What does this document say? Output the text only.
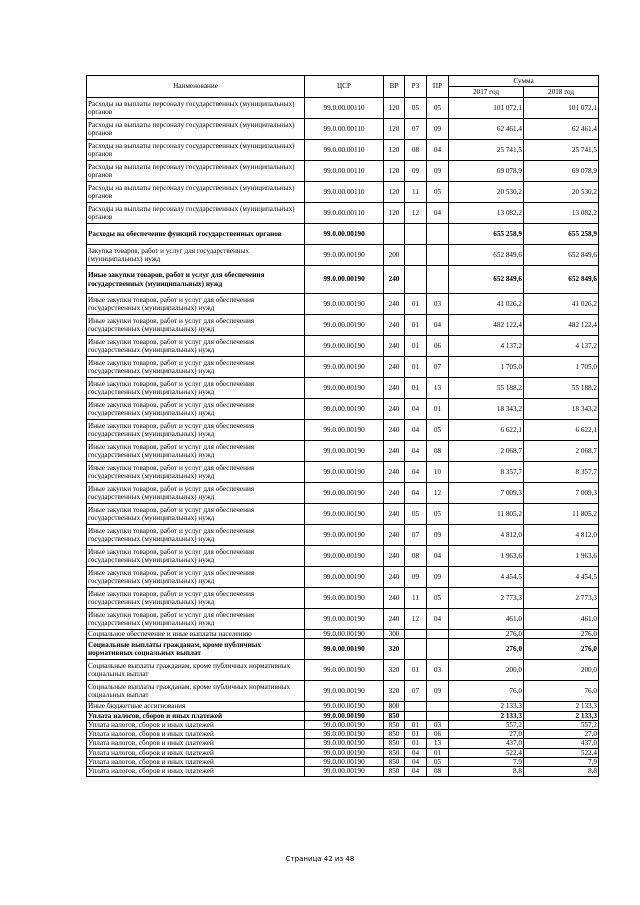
Наименование	ЦСР	ВР	РЗ	ПР	Сумма	
					2017 год	2018 год
Расходы на выплаты персоналу государственных (муниципальных) органов	99.0.00.00110	120	05	05	101 072,1	101 072,1
Расходы на выплаты персоналу государственных (муниципальных) органов	99.0.00.00110	120	07	09	62 461,4	62 461,4
Расходы на выплаты персоналу государственных (муниципальных) органов	99.0.00.00110	120	08	04	25 741,5	25 741,5
Расходы на выплаты персоналу государственных (муниципальных) органов	99.0.00.00110	120	09	09	69 078,9	69 078,9
Расходы на выплаты персоналу государственных (муниципальных) органов	99.0.00.00110	120	11	05	20 530,2	20 530,2
Расходы на выплаты персоналу государственных (муниципальных) органов	99.0.00.00110	120	12	04	13 082,2	13 082,2
Расходы на обеспечение функций государственных органов	99.0.00.00190				655 258,9	655 258,9
Закупка товаров, работ и услуг для государственных (муниципальных) нужд	99.0.00.00190	200			652 849,6	652 849,6
Иные закупки товаров, работ и услуг для обеспечения государственных (муниципальных) нужд	99.0.00.00190	240			652 849,6	652 849,6
Иные закупки товаров, работ и услуг для обеспечения государственных (муниципальных) нужд	99.0.00.00190	240	01	03	41 026,2	41 026,2
Иные закупки товаров, работ и услуг для обеспечения государственных (муниципальных) нужд	99.0.00.00190	240	01	04	482 122,4	482 122,4
Иные закупки товаров, работ и услуг для обеспечения государственных (муниципальных) нужд	99.0.00.00190	240	01	06	4 137,2	4 137,2
Иные закупки товаров, работ и услуг для обеспечения государственных (муниципальных) нужд	99.0.00.00190	240	01	07	1 705,0	1 705,0
Иные закупки товаров, работ и услуг для обеспечения государственных (муниципальных) нужд	99.0.00.00190	240	01	13	55 188,2	55 188,2
Иные закупки товаров, работ и услуг для обеспечения государственных (муниципальных) нужд	99.0.00.00190	240	04	01	18 343,2	18 343,2
Иные закупки товаров, работ и услуг для обеспечения государственных (муниципальных) нужд	99.0.00.00190	240	04	05	6 622,1	6 622,1
Иные закупки товаров, работ и услуг для обеспечения государственных (муниципальных) нужд	99.0.00.00190	240	04	08	2 068,7	2 068,7
Иные закупки товаров, работ и услуг для обеспечения государственных (муниципальных) нужд	99.0.00.00190	240	04	10	8 357,7	8 357,7
Иные закупки товаров, работ и услуг для обеспечения государственных (муниципальных) нужд	99.0.00.00190	240	04	12	7 009,3	7 009,3
Иные закупки товаров, работ и услуг для обеспечения государственных (муниципальных) нужд	99.0.00.00190	240	05	05	11 805,2	11 805,2
Иные закупки товаров, работ и услуг для обеспечения государственных (муниципальных) нужд	99.0.00.00190	240	07	09	4 812,0	4 812,0
Иные закупки товаров, работ и услуг для обеспечения государственных (муниципальных) нужд	99.0.00.00190	240	08	04	1 963,6	1 963,6
Иные закупки товаров, работ и услуг для обеспечения государственных (муниципальных) нужд	99.0.00.00190	240	09	09	4 454,5	4 454,5
Иные закупки товаров, работ и услуг для обеспечения государственных (муниципальных) нужд	99.0.00.00190	240	11	05	2 773,3	2 773,3
Иные закупки товаров, работ и услуг для обеспечения государственных (муниципальных) нужд	99.0.00.00190	240	12	04	461,0	461,0
Социальное обеспечение и иные выплаты населению	99.0.00.00190	300			276,0	276,0
Социальные выплаты гражданам, кроме публичных нормативных социальных выплат	99.0.00.00190	320			276,0	276,0
Социальные выплаты гражданам, кроме публичных нормативных социальных выплат	99.0.00.00190	320	01	03	200,0	200,0
Социальные выплаты гражданам, кроме публичных нормативных социальных выплат	99.0.00.00190	320	07	09	76,0	76,0
Иные бюджетные ассигнования	99.0.00.00190	800			2 133,3	2 133,3
Уплата налогов, сборов и иных платежей	99.0.00.00190	850			2 133,3	2 133,3
Уплата налогов, сборов и иных платежей	99.0.00.00190	850	01	03	557,2	557,2
Уплата налогов, сборов и иных платежей	99.0.00.00190	850	01	06	27,0	27,0
Уплата налогов, сборов и иных платежей	99.0.00.00190	850	01	13	437,0	437,0
Уплата налогов, сборов и иных платежей	99.0.00.00190	850	04	01	522,4	522,4
Уплата налогов, сборов и иных платежей	99.0.00.00190	850	04	05	7,9	7,9
Уплата налогов, сборов и иных платежей	99.0.00.00190	850	04	08	8,8	8,8
Страница 42 из 48
